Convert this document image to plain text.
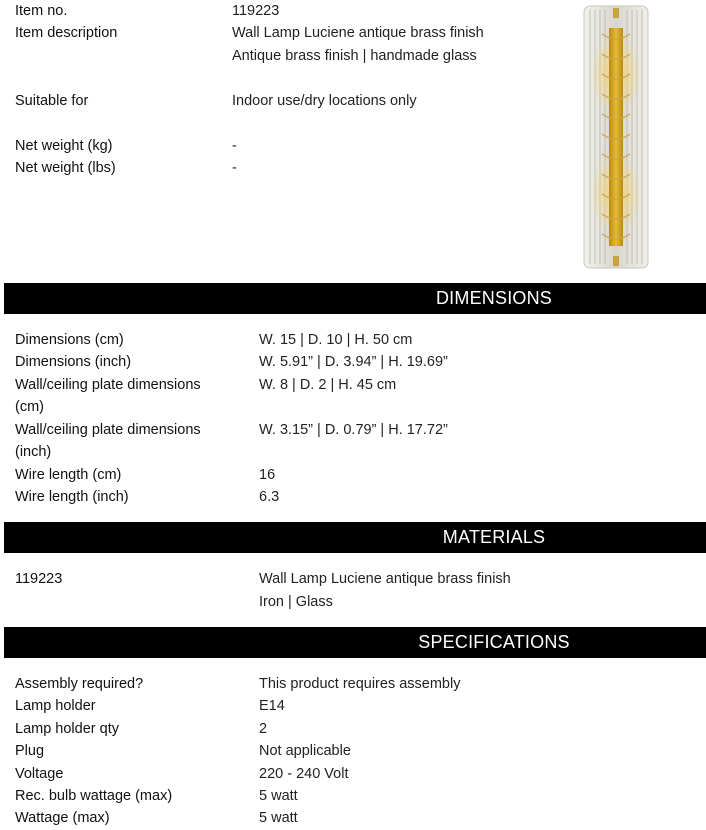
Item no.	119223
Item description	Wall Lamp Luciene antique brass finish
Antique brass finish | handmade glass
Suitable for	Indoor use/dry locations only
Net weight (kg)	-
Net weight (lbs)	-
DIMENSIONS
Dimensions (cm)	W. 15 | D. 10 | H. 50 cm
Dimensions (inch)	W. 5.91” | D. 3.94” | H. 19.69”
Wall/ceiling plate dimensions	W. 8 | D. 2 | H. 45 cm
(cm)
Wall/ceiling plate dimensions	W. 3.15” | D. 0.79” | H. 17.72”
(inch)
Wire length (cm)	16
Wire length (inch)	6.3
MATERIALS
119223	Wall Lamp Luciene antique brass finish
Iron | Glass
SPECIFICATIONS
Assembly required?	This product requires assembly
Lamp holder	E14
Lamp holder qty	2
Plug	Not applicable
Voltage	220 - 240 Volt
Rec. bulb wattage (max)	5 watt
Wattage (max)	5 watt
